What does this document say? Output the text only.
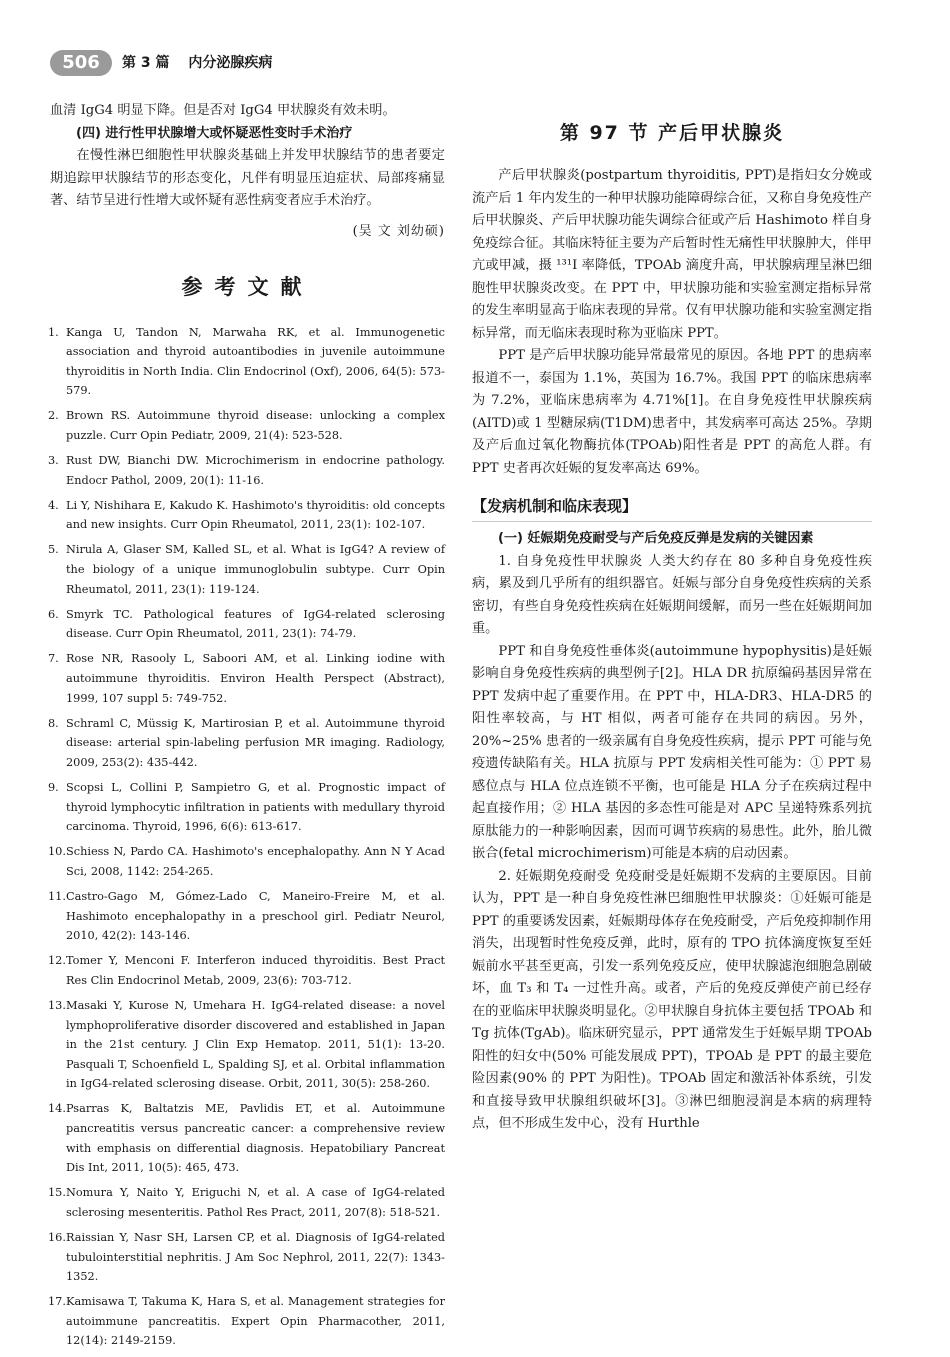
506	第 3 篇 内分泌腺疾病

血清 IgG4 明显下降。但是否对 IgG4 甲状腺炎有效未明。

(四) 进行性甲状腺增大或怀疑恶性变时手术治疗

在慢性淋巴细胞性甲状腺炎基础上并发甲状腺结节的患者要定期追踪甲状腺结节的形态变化，凡伴有明显压迫症状、局部疼痛显著、结节呈进行性增大或怀疑有恶性病变者应手术治疗。

(吴 文 刘幼硕)

参考文献
1. Kanga U, Tandon N, Marwaha RK, et al. Immunogenetic association and thyroid autoantibodies in juvenile autoimmune thyroiditis in North India. Clin Endocrinol (Oxf), 2006, 64(5): 573-579.
2. Brown RS. Autoimmune thyroid disease: unlocking a complex puzzle. Curr Opin Pediatr, 2009, 21(4): 523-528.
3. Rust DW, Bianchi DW. Microchimerism in endocrine pathology. Endocr Pathol, 2009, 20(1): 11-16.
4. Li Y, Nishihara E, Kakudo K. Hashimoto's thyroiditis: old concepts and new insights. Curr Opin Rheumatol, 2011, 23(1): 102-107.
5. Nirula A, Glaser SM, Kalled SL, et al. What is IgG4? A review of the biology of a unique immunoglobulin subtype. Curr Opin Rheumatol, 2011, 23(1): 119-124.
6. Smyrk TC. Pathological features of IgG4-related sclerosing disease. Curr Opin Rheumatol, 2011, 23(1): 74-79.
7. Rose NR, Rasooly L, Saboori AM, et al. Linking iodine with autoimmune thyroiditis. Environ Health Perspect (Abstract), 1999, 107 suppl 5: 749-752.
8. Schraml C, Müssig K, Martirosian P, et al. Autoimmune thyroid disease: arterial spin-labeling perfusion MR imaging. Radiology, 2009, 253(2): 435-442.
9. Scopsi L, Collini P, Sampietro G, et al. Prognostic impact of thyroid lymphocytic infiltration in patients with medullary thyroid carcinoma. Thyroid, 1996, 6(6): 613-617.
10. Schiess N, Pardo CA. Hashimoto's encephalopathy. Ann N Y Acad Sci, 2008, 1142: 254-265.
11. Castro-Gago M, Gómez-Lado C, Maneiro-Freire M, et al. Hashimoto encephalopathy in a preschool girl. Pediatr Neurol, 2010, 42(2): 143-146.
12. Tomer Y, Menconi F. Interferon induced thyroiditis. Best Pract Res Clin Endocrinol Metab, 2009, 23(6): 703-712.
13. Masaki Y, Kurose N, Umehara H. IgG4-related disease: a novel lymphoproliferative disorder discovered and established in Japan in the 21st century. J Clin Exp Hematop. 2011, 51(1): 13-20. Pasquali T, Schoenfield L, Spalding SJ, et al. Orbital inflammation in IgG4-related sclerosing disease. Orbit, 2011, 30(5): 258-260.
14. Psarras K, Baltatzis ME, Pavlidis ET, et al. Autoimmune pancreatitis versus pancreatic cancer: a comprehensive review with emphasis on differential diagnosis. Hepatobiliary Pancreat Dis Int, 2011, 10(5): 465, 473.
15. Nomura Y, Naito Y, Eriguchi N, et al. A case of IgG4-related sclerosing mesenteritis. Pathol Res Pract, 2011, 207(8): 518-521.
16. Raissian Y, Nasr SH, Larsen CP, et al. Diagnosis of IgG4-related tubulointerstitial nephritis. J Am Soc Nephrol, 2011, 22(7): 1343-1352.
17. Kamisawa T, Takuma K, Hara S, et al. Management strategies for autoimmune pancreatitis. Expert Opin Pharmacother, 2011, 12(14): 2149-2159.
第 97 节 产后甲状腺炎

产后甲状腺炎(postpartum thyroiditis, PPT)是指妇女分娩或流产后 1 年内发生的一种甲状腺功能障碍综合征，又称自身免疫性产后甲状腺炎、产后甲状腺功能失调综合征或产后 Hashimoto 样自身免疫综合征。其临床特征主要为产后暂时性无痛性甲状腺肿大，伴甲亢或甲减，摄 ¹³¹I 率降低，TPOAb 滴度升高，甲状腺病理呈淋巴细胞性甲状腺炎改变。在 PPT 中，甲状腺功能和实验室测定指标异常的发生率明显高于临床表现的异常。仅有甲状腺功能和实验室测定指标异常，而无临床表现时称为亚临床 PPT。

PPT 是产后甲状腺功能异常最常见的原因。各地 PPT 的患病率报道不一，泰国为 1.1%，英国为 16.7%。我国 PPT 的临床患病率为 7.2%，亚临床患病率为 4.71%[1]。在自身免疫性甲状腺疾病(AITD)或 1 型糖尿病(T1DM)患者中，其发病率可高达 25%。孕期及产后血过氧化物酶抗体(TPOAb)阳性者是 PPT 的高危人群。有 PPT 史者再次妊娠的复发率高达 69%。

【发病机制和临床表现】

(一) 妊娠期免疫耐受与产后免疫反弹是发病的关键因素

1. 自身免疫性甲状腺炎 人类大约存在 80 多种自身免疫性疾病，累及到几乎所有的组织器官。妊娠与部分自身免疫性疾病的关系密切，有些自身免疫性疾病在妊娠期间缓解，而另一些在妊娠期间加重。

PPT 和自身免疫性垂体炎(autoimmune hypophysitis)是妊娠影响自身免疫性疾病的典型例子[2]。HLA DR 抗原编码基因异常在 PPT 发病中起了重要作用。在 PPT 中，HLA-DR3、HLA-DR5 的阳性率较高，与 HT 相似，两者可能存在共同的病因。另外，20%~25% 患者的一级亲属有自身免疫性疾病，提示 PPT 可能与免疫遗传缺陷有关。HLA 抗原与 PPT 发病相关性可能为：① PPT 易感位点与 HLA 位点连锁不平衡，也可能是 HLA 分子在疾病过程中起直接作用；② HLA 基因的多态性可能是对 APC 呈递特殊系列抗原肽能力的一种影响因素，因而可调节疾病的易患性。此外，胎儿微嵌合(fetal microchimerism)可能是本病的启动因素。

2. 妊娠期免疫耐受 免疫耐受是妊娠期不发病的主要原因。目前认为，PPT 是一种自身免疫性淋巴细胞性甲状腺炎：①妊娠可能是 PPT 的重要诱发因素，妊娠期母体存在免疫耐受，产后免疫抑制作用消失，出现暂时性免疫反弹，此时，原有的 TPO 抗体滴度恢复至妊娠前水平甚至更高，引发一系列免疫反应，使甲状腺滤泡细胞急剧破坏，血 T₃ 和 T₄ 一过性升高。或者，产后的免疫反弹使产前已经存在的亚临床甲状腺炎明显化。②甲状腺自身抗体主要包括 TPOAb 和 Tg 抗体(TgAb)。临床研究显示，PPT 通常发生于妊娠早期 TPOAb 阳性的妇女中(50% 可能发展成 PPT)，TPOAb 是 PPT 的最主要危险因素(90% 的 PPT 为阳性)。TPOAb 固定和激活补体系统，引发和直接导致甲状腺组织破坏[3]。③淋巴细胞浸润是本病的病理特点，但不形成生发中心，没有 Hurthle
